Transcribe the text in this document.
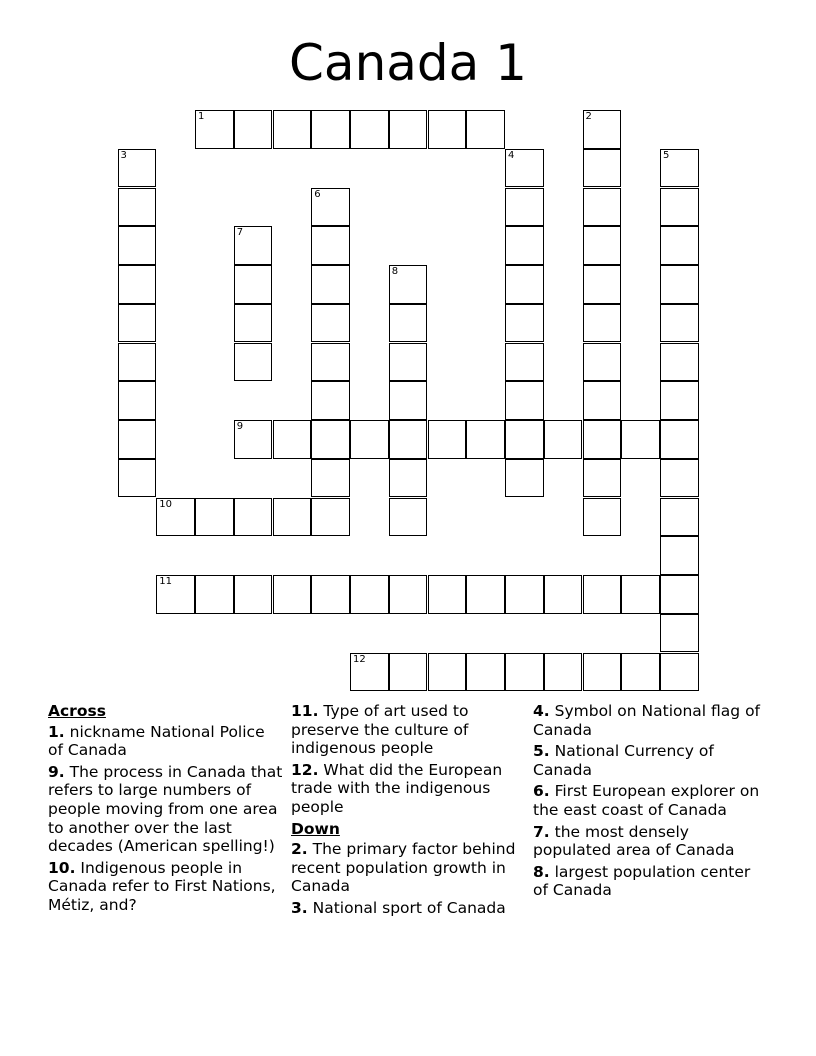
Canada 1
1	2
3	4	5
6
7
8
9
10
11
12
Across
1. nickname National Police of Canada
9. The process in Canada that refers to large numbers of people moving from one area to another over the last decades (American spelling!)
10. Indigenous people in Canada refer to First Nations, Métiz, and?
11. Type of art used to preserve the culture of indigenous people
12. What did the European trade with the indigenous people
Down
2. The primary factor behind recent population growth in Canada
3. National sport of Canada
4. Symbol on National flag of Canada
5. National Currency of Canada
6. First European explorer on the east coast of Canada
7. the most densely populated area of Canada
8. largest population center of Canada
